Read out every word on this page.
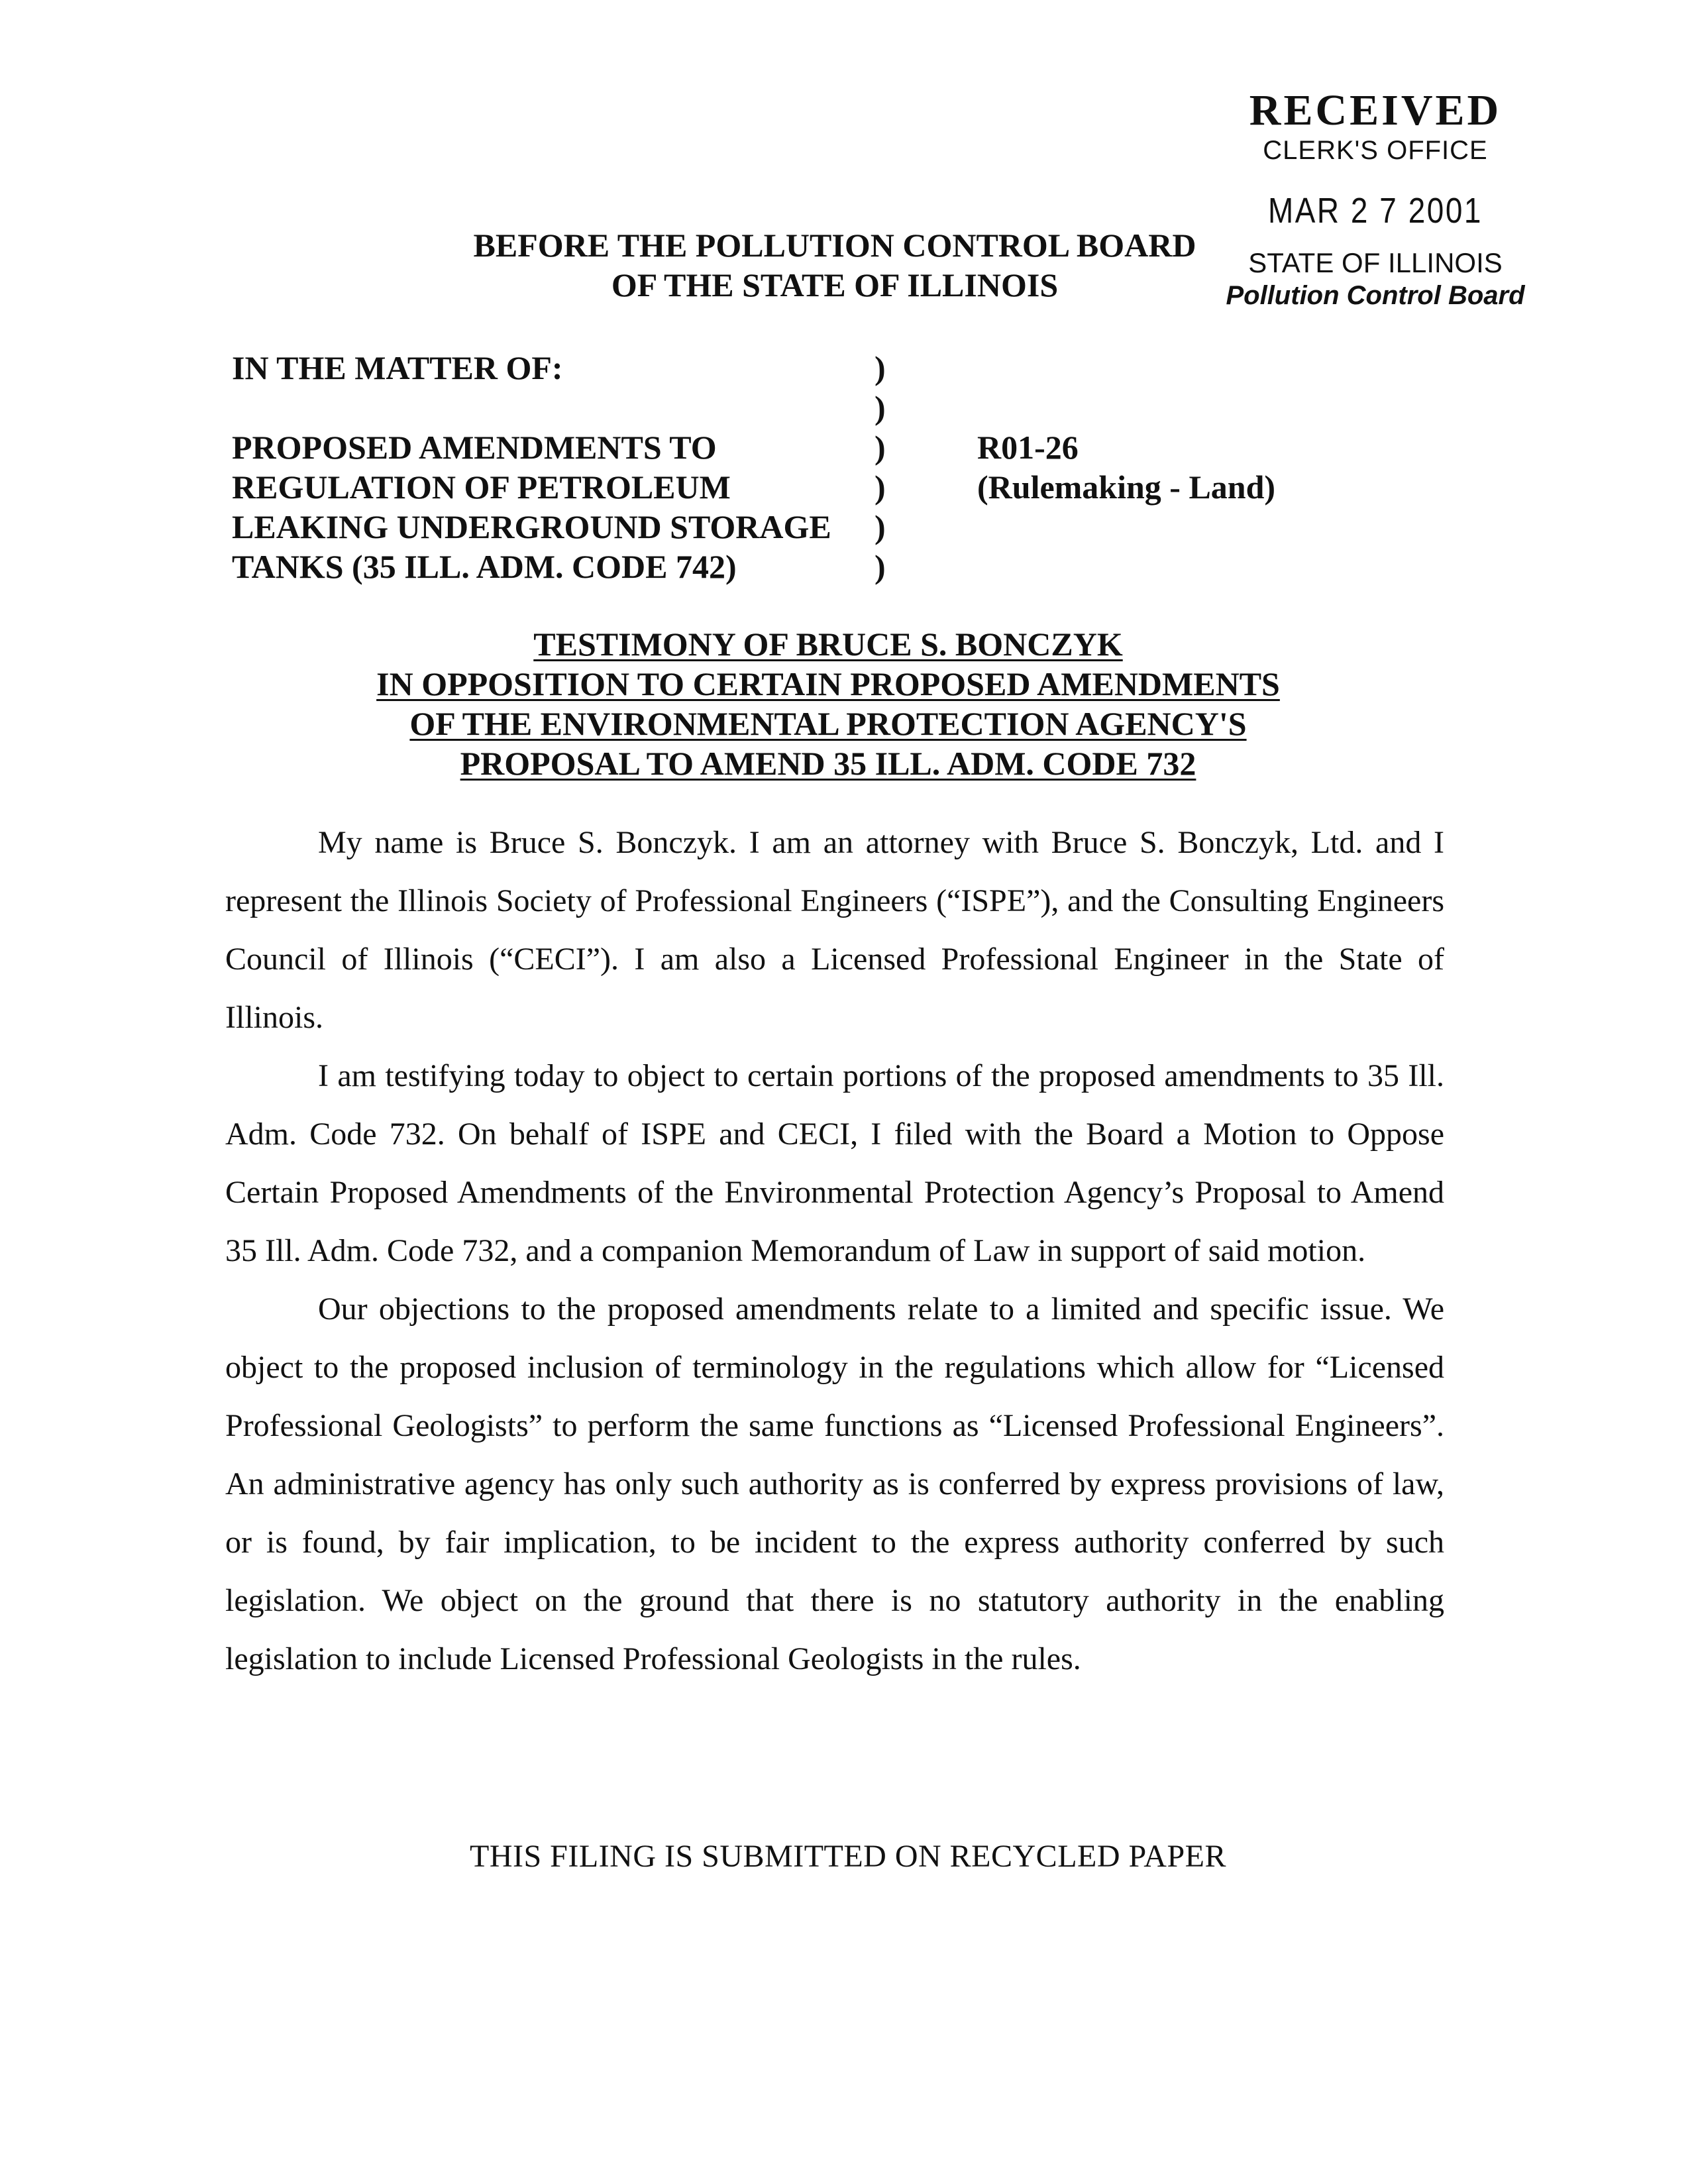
RECEIVED
CLERK'S OFFICE
MAR 2 7 2001
STATE OF ILLINOIS
Pollution Control Board
BEFORE THE POLLUTION CONTROL BOARD
OF THE STATE OF ILLINOIS
IN THE MATTER OF:
PROPOSED AMENDMENTS TO
REGULATION OF PETROLEUM
LEAKING UNDERGROUND STORAGE
TANKS (35 ILL. ADM. CODE 742)
)
)
)
)
)
)
R01-26
(Rulemaking - Land)
TESTIMONY OF BRUCE S. BONCZYK
IN OPPOSITION TO CERTAIN PROPOSED AMENDMENTS
OF THE ENVIRONMENTAL PROTECTION AGENCY'S
PROPOSAL TO AMEND 35 ILL. ADM. CODE 732

My name is Bruce S. Bonczyk. I am an attorney with Bruce S. Bonczyk, Ltd. and I represent the Illinois Society of Professional Engineers (“ISPE”), and the Consulting Engineers Council of Illinois (“CECI”). I am also a Licensed Professional Engineer in the State of Illinois.

I am testifying today to object to certain portions of the proposed amendments to 35 Ill. Adm. Code 732. On behalf of ISPE and CECI, I filed with the Board a Motion to Oppose Certain Proposed Amendments of the Environmental Protection Agency’s Proposal to Amend 35 Ill. Adm. Code 732, and a companion Memorandum of Law in support of said motion.

Our objections to the proposed amendments relate to a limited and specific issue. We object to the proposed inclusion of terminology in the regulations which allow for “Licensed Professional Geologists” to perform the same functions as “Licensed Professional Engineers”. An administrative agency has only such authority as is conferred by express provisions of law, or is found, by fair implication, to be incident to the express authority conferred by such legislation. We object on the ground that there is no statutory authority in the enabling legislation to include Licensed Professional Geologists in the rules.

THIS FILING IS SUBMITTED ON RECYCLED PAPER
